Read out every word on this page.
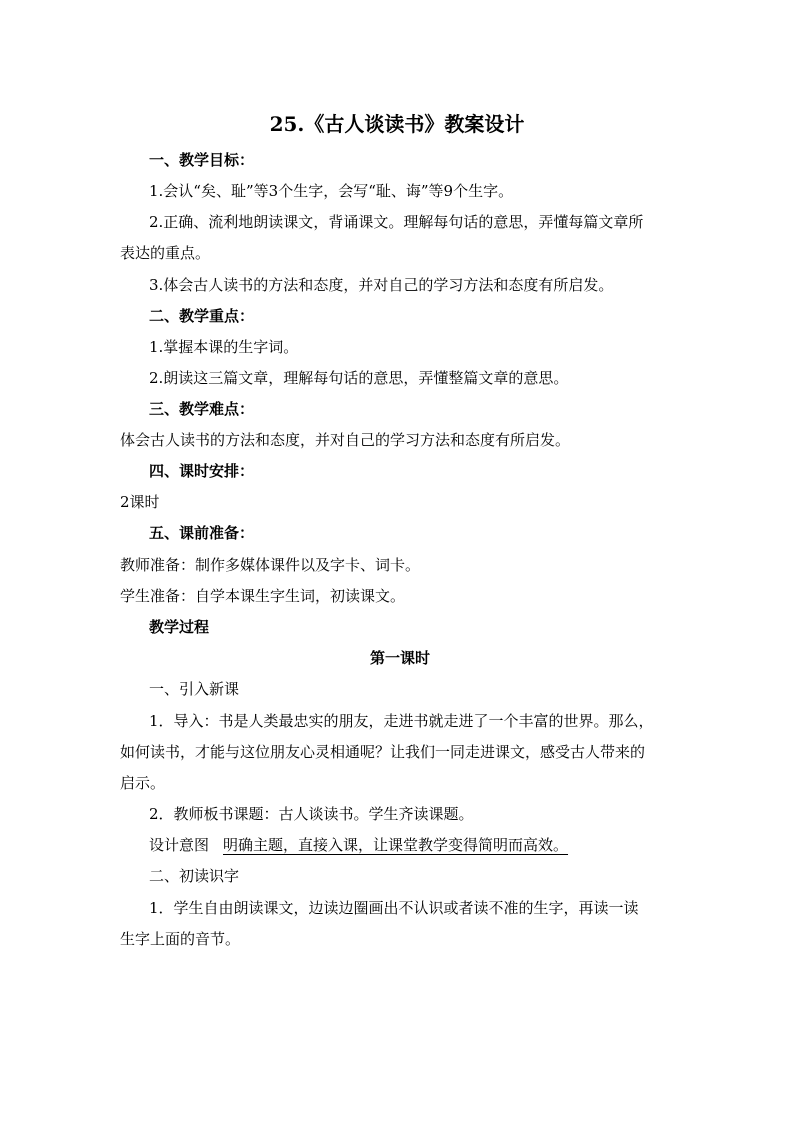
25.《古人谈读书》教案设计
一、教学目标：
1.会认“矣、耻”等3个生字，会写“耻、诲”等9个生字。
2.正确、流利地朗读课文，背诵课文。理解每句话的意思，弄懂每篇文章所
表达的重点。
3.体会古人读书的方法和态度，并对自己的学习方法和态度有所启发。
二、教学重点：
1.掌握本课的生字词。
2.朗读这三篇文章，理解每句话的意思，弄懂整篇文章的意思。
三、教学难点：
体会古人读书的方法和态度，并对自己的学习方法和态度有所启发。
四、课时安排：
2课时
五、课前准备：
教师准备：制作多媒体课件以及字卡、词卡。
学生准备：自学本课生字生词，初读课文。
教学过程
第一课时
一、引入新课
1．导入：书是人类最忠实的朋友，走进书就走进了一个丰富的世界。那么，
如何读书，才能与这位朋友心灵相通呢？让我们一同走进课文，感受古人带来的
启示。
2．教师板书课题：古人谈读书。学生齐读课题。
设计意图 明确主题，直接入课，让课堂教学变得简明而高效。
二、初读识字
1．学生自由朗读课文，边读边圈画出不认识或者读不准的生字，再读一读
生字上面的音节。
